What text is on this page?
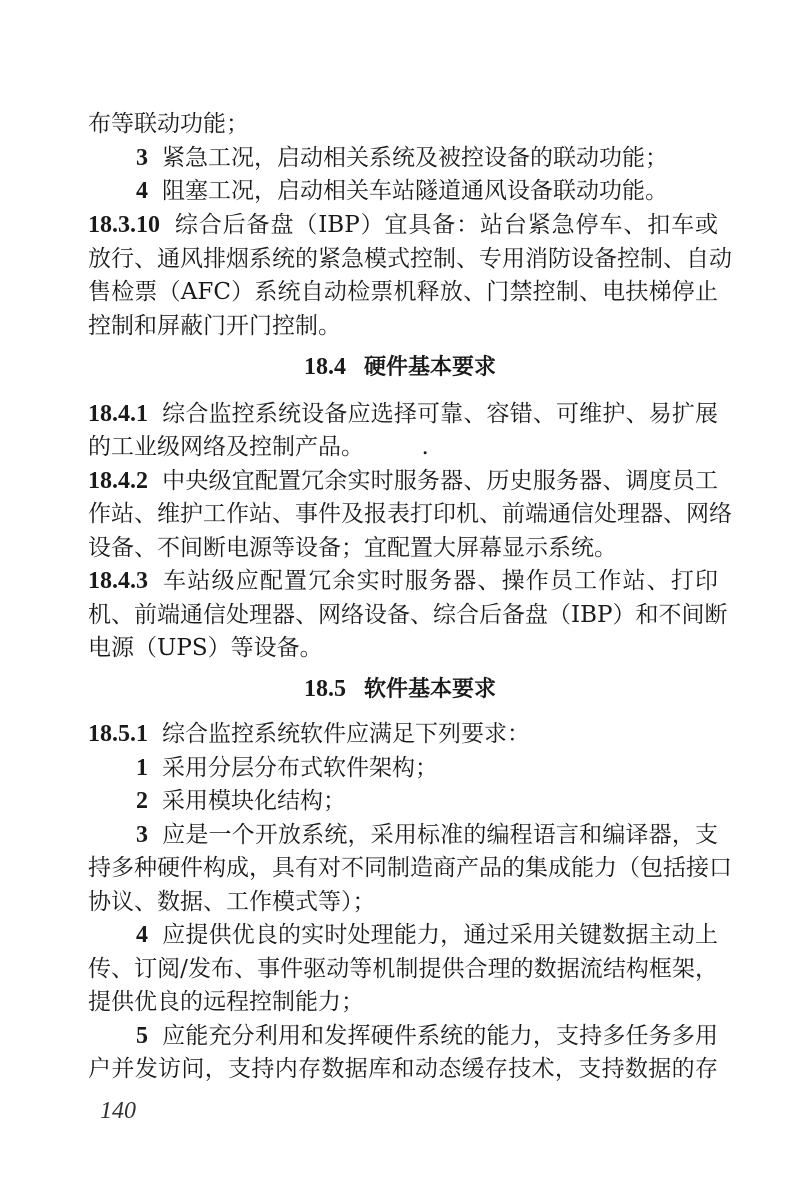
布等联动功能；
3 紧急工况，启动相关系统及被控设备的联动功能；
4 阻塞工况，启动相关车站隧道通风设备联动功能。
18.3.10 综合后备盘（IBP）宜具备：站台紧急停车、扣车或
放行、通风排烟系统的紧急模式控制、专用消防设备控制、自动
售检票（AFC）系统自动检票机释放、门禁控制、电扶梯停止
控制和屏蔽门开门控制。
18.4 硬件基本要求
18.4.1 综合监控系统设备应选择可靠、容错、可维护、易扩展
的工业级网络及控制产品。　　　.
18.4.2 中央级宜配置冗余实时服务器、历史服务器、调度员工
作站、维护工作站、事件及报表打印机、前端通信处理器、网络
设备、不间断电源等设备；宜配置大屏幕显示系统。
18.4.3 车站级应配置冗余实时服务器、操作员工作站、打印
机、前端通信处理器、网络设备、综合后备盘（IBP）和不间断
电源（UPS）等设备。
18.5 软件基本要求
18.5.1 综合监控系统软件应满足下列要求：
1 采用分层分布式软件架构；
2 采用模块化结构；
3 应是一个开放系统，采用标准的编程语言和编译器，支
持多种硬件构成，具有对不同制造商产品的集成能力（包括接口
协议、数据、工作模式等）；
4 应提供优良的实时处理能力，通过采用关键数据主动上
传、订阅/发布、事件驱动等机制提供合理的数据流结构框架，
提供优良的远程控制能力；
5 应能充分利用和发挥硬件系统的能力，支持多任务多用
户并发访问，支持内存数据库和动态缓存技术，支持数据的存
140
